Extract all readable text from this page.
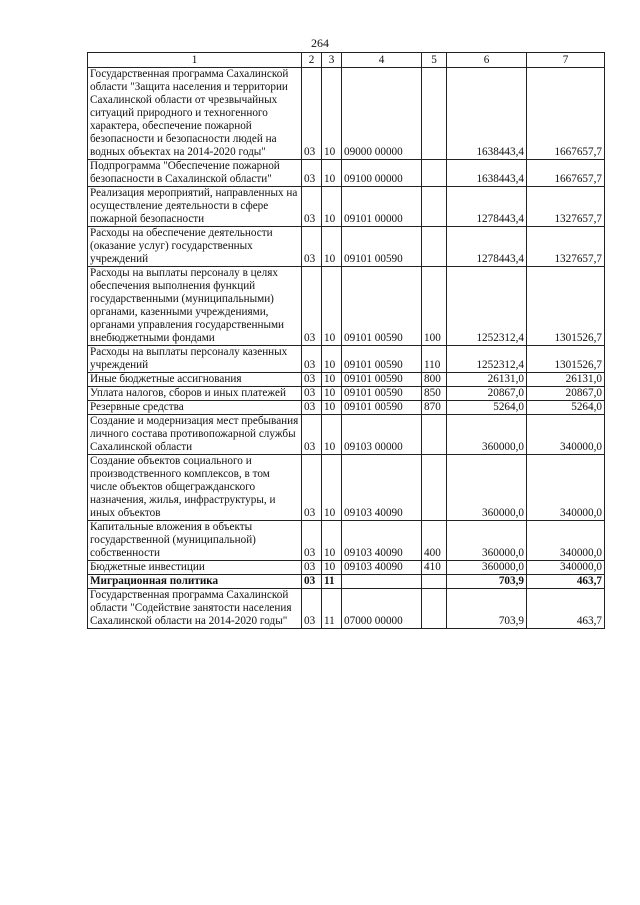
264
1	2	3	4	5	6	7
Государственная программа Сахалинской области "Защита населения и территории Сахалинской области от чрезвычайных ситуаций природного и техногенного характера, обеспечение пожарной безопасности и безопасности людей на водных объектах на 2014-2020 годы"	03	10	09000 00000		1638443,4	1667657,7
Подпрограмма "Обеспечение пожарной безопасности в Сахалинской области"	03	10	09100 00000		1638443,4	1667657,7
Реализация мероприятий, направленных на осуществление деятельности в сфере пожарной безопасности	03	10	09101 00000		1278443,4	1327657,7
Расходы на обеспечение деятельности (оказание услуг) государственных учреждений	03	10	09101 00590		1278443,4	1327657,7
Расходы на выплаты персоналу в целях обеспечения выполнения функций государственными (муниципальными) органами, казенными учреждениями, органами управления государственными внебюджетными фондами	03	10	09101 00590	100	1252312,4	1301526,7
Расходы на выплаты персоналу казенных учреждений	03	10	09101 00590	110	1252312,4	1301526,7
Иные бюджетные ассигнования	03	10	09101 00590	800	26131,0	26131,0
Уплата налогов, сборов и иных платежей	03	10	09101 00590	850	20867,0	20867,0
Резервные средства	03	10	09101 00590	870	5264,0	5264,0
Создание и модернизация мест пребывания личного состава противопожарной службы Сахалинской области	03	10	09103 00000		360000,0	340000,0
Создание объектов социального и производственного комплексов, в том числе объектов общегражданского назначения, жилья, инфраструктуры, и иных объектов	03	10	09103 40090		360000,0	340000,0
Капитальные вложения в объекты государственной (муниципальной) собственности	03	10	09103 40090	400	360000,0	340000,0
Бюджетные инвестиции	03	10	09103 40090	410	360000,0	340000,0
Миграционная политика	03	11			703,9	463,7
Государственная программа Сахалинской области "Содействие занятости населения Сахалинской области на 2014-2020 годы"	03	11	07000 00000		703,9	463,7
